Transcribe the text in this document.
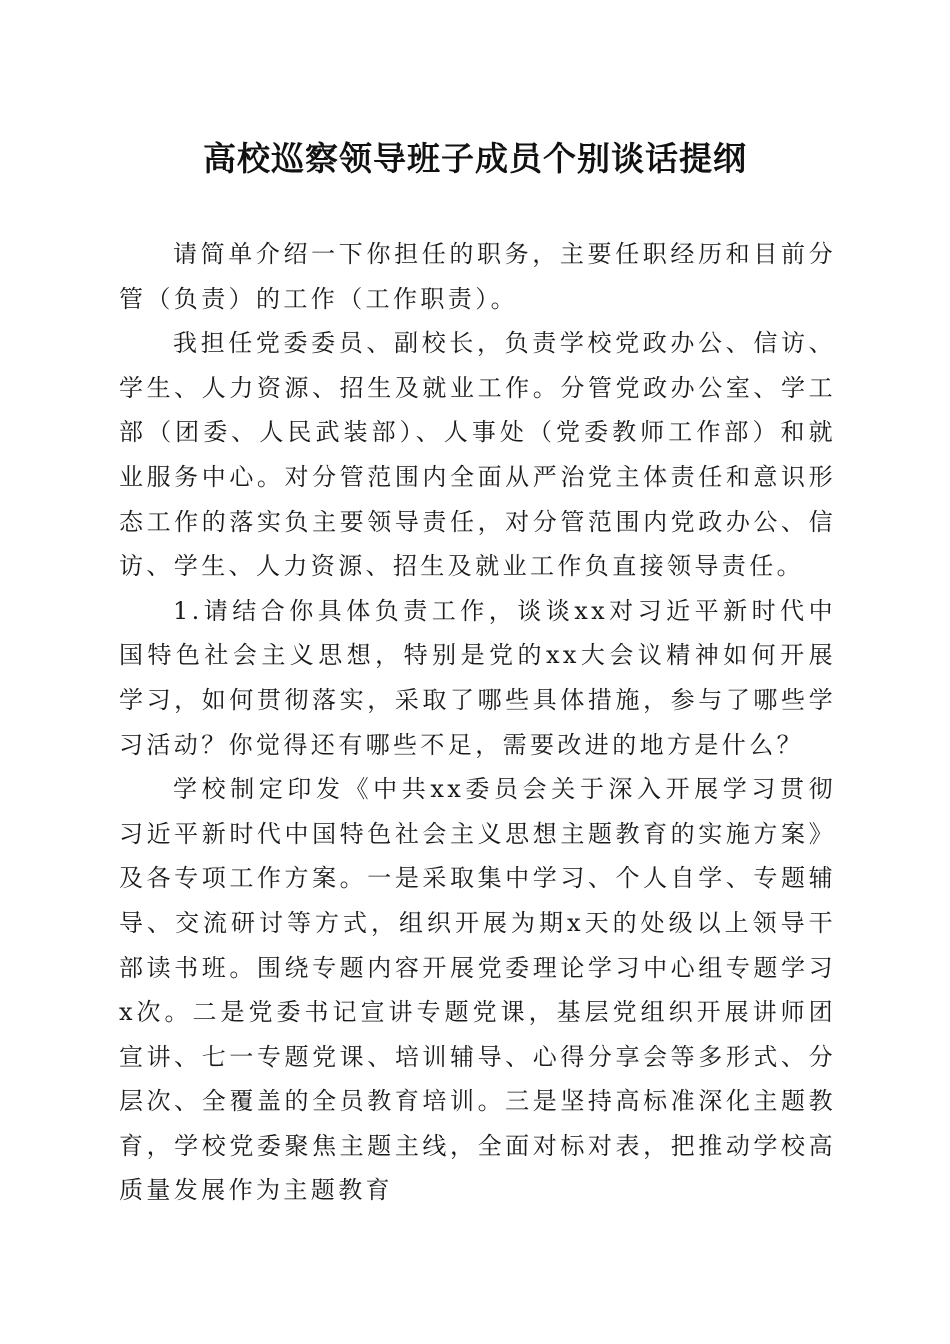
高校巡察领导班子成员个别谈话提纲

请简单介绍一下你担任的职务，主要任职经历和目前分管（负责）的工作（工作职责）。

我担任党委委员、副校长，负责学校党政办公、信访、学生、人力资源、招生及就业工作。分管党政办公室、学工部（团委、人民武装部）、人事处（党委教师工作部）和就业服务中心。对分管范围内全面从严治党主体责任和意识形态工作的落实负主要领导责任，对分管范围内党政办公、信访、学生、人力资源、招生及就业工作负直接领导责任。

1.请结合你具体负责工作，谈谈xx对习近平新时代中国特色社会主义思想，特别是党的xx大会议精神如何开展学习，如何贯彻落实，采取了哪些具体措施，参与了哪些学习活动？你觉得还有哪些不足，需要改进的地方是什么？

学校制定印发《中共xx委员会关于深入开展学习贯彻习近平新时代中国特色社会主义思想主题教育的实施方案》及各专项工作方案。一是采取集中学习、个人自学、专题辅导、交流研讨等方式，组织开展为期x天的处级以上领导干部读书班。围绕专题内容开展党委理论学习中心组专题学习x次。二是党委书记宣讲专题党课，基层党组织开展讲师团宣讲、七一专题党课、培训辅导、心得分享会等多形式、分层次、全覆盖的全员教育培训。三是坚持高标准深化主题教育，学校党委聚焦主题主线，全面对标对表，把推动学校高质量发展作为主题教育
